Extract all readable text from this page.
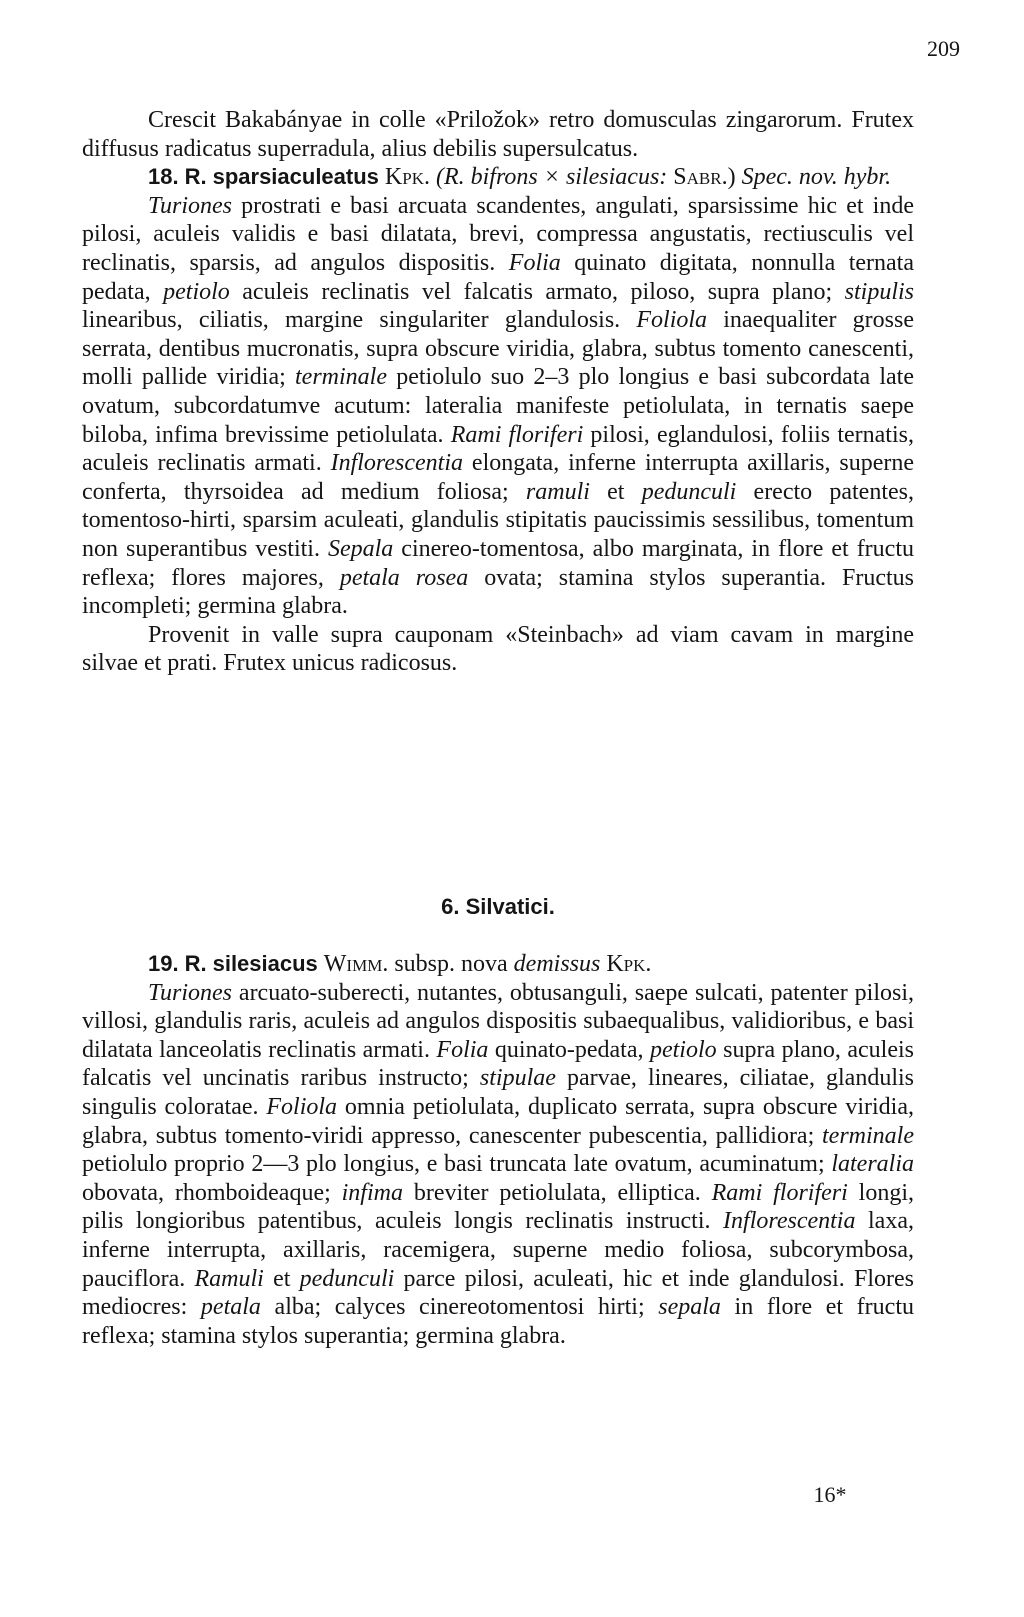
209

Crescit Bakabányae in colle «Priložok» retro domusculas zingarorum. Frutex diffusus radicatus superradula, alius debilis supersulcatus.

18. R. sparsiaculeatus Kpk. (R. bifrons × silesiacus: Sabr.) Spec. nov. hybr.

Turiones prostrati e basi arcuata scandentes, angulati, sparsissime hic et inde pilosi, aculeis validis e basi dilatata, brevi, compressa angustatis, rectiusculis vel reclinatis, sparsis, ad angulos dispositis. Folia quinato digitata, nonnulla ternata pedata, petiolo aculeis reclinatis vel falcatis armato, piloso, supra plano; stipulis linearibus, ciliatis, margine singulariter glandulosis. Foliola inaequaliter grosse serrata, dentibus mucronatis, supra obscure viridia, glabra, subtus tomento canescenti, molli pallide viridia; terminale petiolulo suo 2–3 plo longius e basi subcordata late ovatum, subcordatumve acutum: lateralia manifeste petiolulata, in ternatis saepe biloba, infima brevissime petiolulata. Rami floriferi pilosi, eglandulosi, foliis ternatis, aculeis reclinatis armati. Inflorescentia elongata, inferne interrupta axillaris, superne conferta, thyrsoidea ad medium foliosa; ramuli et pedunculi erecto patentes, tomentoso-hirti, sparsim aculeati, glandulis stipitatis paucissimis sessilibus, tomentum non superantibus vestiti. Sepala cinereo-tomentosa, albo marginata, in flore et fructu reflexa; flores majores, petala rosea ovata; stamina stylos superantia. Fructus incompleti; germina glabra.

Provenit in valle supra cauponam «Steinbach» ad viam cavam in margine silvae et prati. Frutex unicus radicosus.

6. Silvatici.

19. R. silesiacus Wimm. subsp. nova demissus Kpk.

Turiones arcuato-suberecti, nutantes, obtusanguli, saepe sulcati, patenter pilosi, villosi, glandulis raris, aculeis ad angulos dispositis subaequalibus, validioribus, e basi dilatata lanceolatis reclinatis armati. Folia quinato-pedata, petiolo supra plano, aculeis falcatis vel uncinatis raribus instructo; stipulae parvae, lineares, ciliatae, glandulis singulis coloratae. Foliola omnia petiolulata, duplicato serrata, supra obscure viridia, glabra, subtus tomento-viridi appresso, canescenter pubescentia, pallidiora; terminale petiolulo proprio 2—3 plo longius, e basi truncata late ovatum, acuminatum; lateralia obovata, rhomboideaque; infima breviter petiolulata, elliptica. Rami floriferi longi, pilis longioribus patentibus, aculeis longis reclinatis instructi. Inflorescentia laxa, inferne interrupta, axillaris, racemigera, superne medio foliosa, subcorymbosa, pauciflora. Ramuli et pedunculi parce pilosi, aculeati, hic et inde glandulosi. Flores mediocres: petala alba; calyces cinereotomentosi hirti; sepala in flore et fructu reflexa; stamina stylos superantia; germina glabra.

16*
